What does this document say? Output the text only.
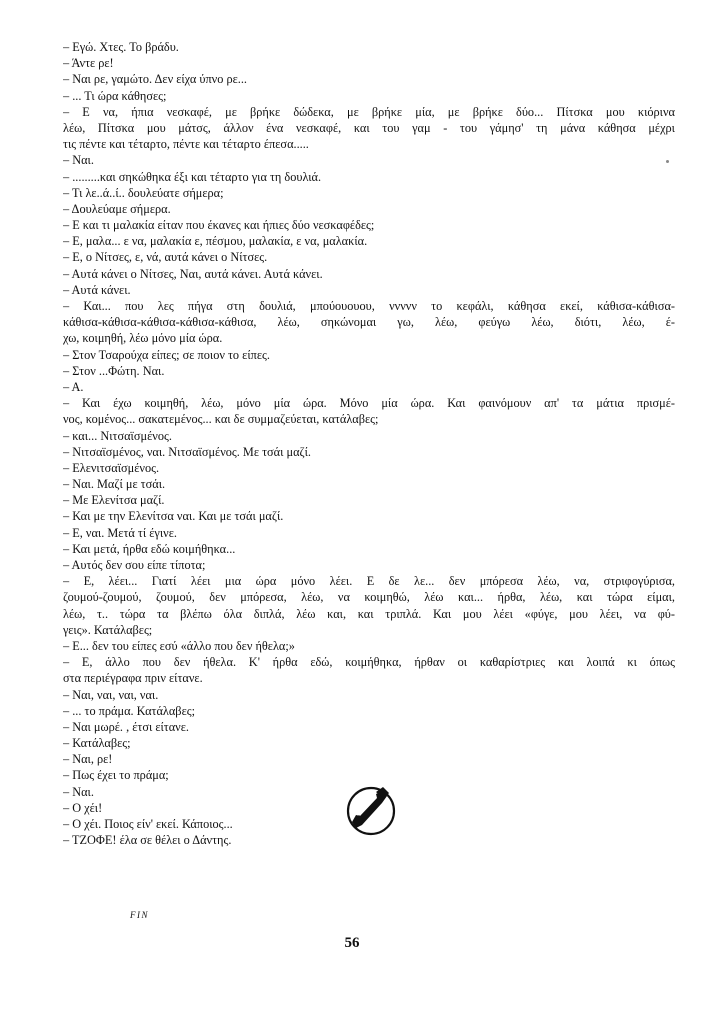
– Εγώ. Χτες. Το βράδυ.
– Άντε ρε!
– Ναι ρε, γαμώτο. Δεν είχα ύπνο ρε...
– ... Τι ώρα κάθησες;
– Ε να, ήπια νεσκαφέ, με βρήκε δώδεκα, με βρήκε μία, με βρήκε δύο... Πίτσκα μου κιόρινα
λέω, Πίτσκα μου μάτσς, άλλον ένα νεσκαφέ, και του γαμ - του γάμησ' τη μάνα κάθησα μέχρι
τις πέντε και τέταρτο, πέντε και τέταρτο έπεσα.....
– Ναι.
– .........και σηκώθηκα έξι και τέταρτο για τη δουλιά.
– Τι λε..ά..ί.. δουλεύατε σήμερα;
– Δουλεύαμε σήμερα.
– Ε και τι μαλακία είταν που έκανες και ήπιες δύο νεσκαφέδες;
– Ε, μαλα... ε να, μαλακία ε, πέσμου, μαλακία, ε να, μαλακία.
– Ε, ο Νίτσες, ε, νά, αυτά κάνει ο Νίτσες.
– Αυτά κάνει ο Νίτσες, Ναι, αυτά κάνει. Αυτά κάνει.
– Αυτά κάνει.
– Και... που λες πήγα στη δουλιά, μπούουουου, ννννν το κεφάλι, κάθησα εκεί, κάθισα-κάθισα-
κάθισα-κάθισα-κάθισα-κάθισα-κάθισα, λέω, σηκώνομαι γω, λέω, φεύγω λέω, διότι, λέω, έ-
χω, κοιμηθή, λέω μόνο μία ώρα.
– Στον Τσαρούχα είπες; σε ποιον το είπες.
– Στον ...Φώτη. Ναι.
– Α.
– Και έχω κοιμηθή, λέω, μόνο μία ώρα. Μόνο μία ώρα. Και φαινόμουν απ' τα μάτια πρισμέ-
νος, κομένος... σακατεμένος... και δε συμμαζεύεται, κατάλαβες;
– και... Νιτσαϊσμένος.
– Νιτσαϊσμένος, ναι. Νιτσαϊσμένος. Με τσάι μαζί.
– Ελενιτσαϊσμένος.
– Ναι. Μαζί με τσάι.
– Με Ελενίτσα μαζί.
– Και με την Ελενίτσα ναι. Και με τσάι μαζί.
– Ε, ναι. Μετά τί έγινε.
– Και μετά, ήρθα εδώ κοιμήθηκα...
– Αυτός δεν σου είπε τίποτα;
– Ε, λέει... Γιατί λέει μια ώρα μόνο λέει. Ε δε λε... δεν μπόρεσα λέω, να, στριφογύρισα,
ζουμού-ζουμού, ζουμού, δεν μπόρεσα, λέω, να κοιμηθώ, λέω και... ήρθα, λέω, και τώρα είμαι,
λέω, τ.. τώρα τα βλέπω όλα διπλά, λέω και, και τριπλά. Και μου λέει «φύγε, μου λέει, να φύ-
γεις». Κατάλαβες;
– Ε... δεν του είπες εσύ «άλλο που δεν ήθελα;»
– Ε, άλλο που δεν ήθελα. Κ' ήρθα εδώ, κοιμήθηκα, ήρθαν οι καθαρίστριες και λοιπά κι όπως
στα περιέγραφα πριν είτανε.
– Ναι, ναι, ναι, ναι.
– ... το πράμα. Κατάλαβες;
– Ναι μωρέ. , έτσι είτανε.
– Κατάλαβες;
– Ναι, ρε!
– Πως έχει το πράμα;
– Ναι.
– Ο χέι!
– Ο χέι. Ποιος είν' εκεί. Κάποιος...
– ΤΖΟΦΕ! έλα σε θέλει ο Δάντης.
FIN
56
